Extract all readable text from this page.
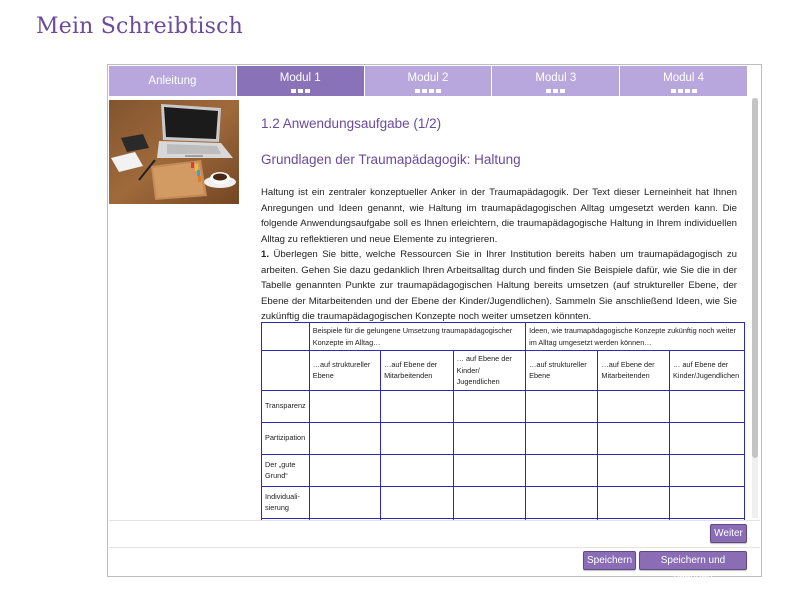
Mein Schreibtisch
Anleitung	Modul 1	Modul 2	Modul 3	Modul 4
1.2 Anwendungsaufgabe (1/2)
Grundlagen der Traumapädagogik: Haltung

Haltung ist ein zentraler konzeptueller Anker in der Traumapädagogik. Der Text dieser Lerneinheit hat Ihnen Anregungen und Ideen genannt, wie Haltung im traumapädagogischen Alltag umgesetzt werden kann. Die folgende Anwendungsaufgabe soll es Ihnen erleichtern, die traumapädagogische Haltung in Ihrem individuellen Alltag zu reflektieren und neue Elemente zu integrieren.

1. Überlegen Sie bitte, welche Ressourcen Sie in Ihrer Institution bereits haben um traumapädagogisch zu arbeiten. Gehen Sie dazu gedanklich Ihren Arbeitsalltag durch und finden Sie Beispiele dafür, wie Sie die in der Tabelle genannten Punkte zur traumapädagogischen Haltung bereits umsetzen (auf struktureller Ebene, der Ebene der Mitarbeitenden und der Ebene der Kinder/Jugendlichen). Sammeln Sie anschließend Ideen, wie Sie zukünftig die traumapädagogischen Konzepte noch weiter umsetzen könnten.

	Beispiele für die gelungene Umsetzung traumapädagogischer Konzepte im Alltag…			Ideen, wie traumapädagogische Konzepte zukünftig noch weiter im Alltag umgesetzt werden können…		
	…auf struktureller Ebene	…auf Ebene der Mitarbeitenden	… auf Ebene der Kinder/ Jugendlichen	…auf struktureller Ebene	…auf Ebene der Mitarbeitenden	… auf Ebene der Kinder/Jugendlichen
Transparenz						
Partizipation						
Der „gute Grund“						
Individuali-sierung						

Weiter
Speichern	Speichern und beenden
